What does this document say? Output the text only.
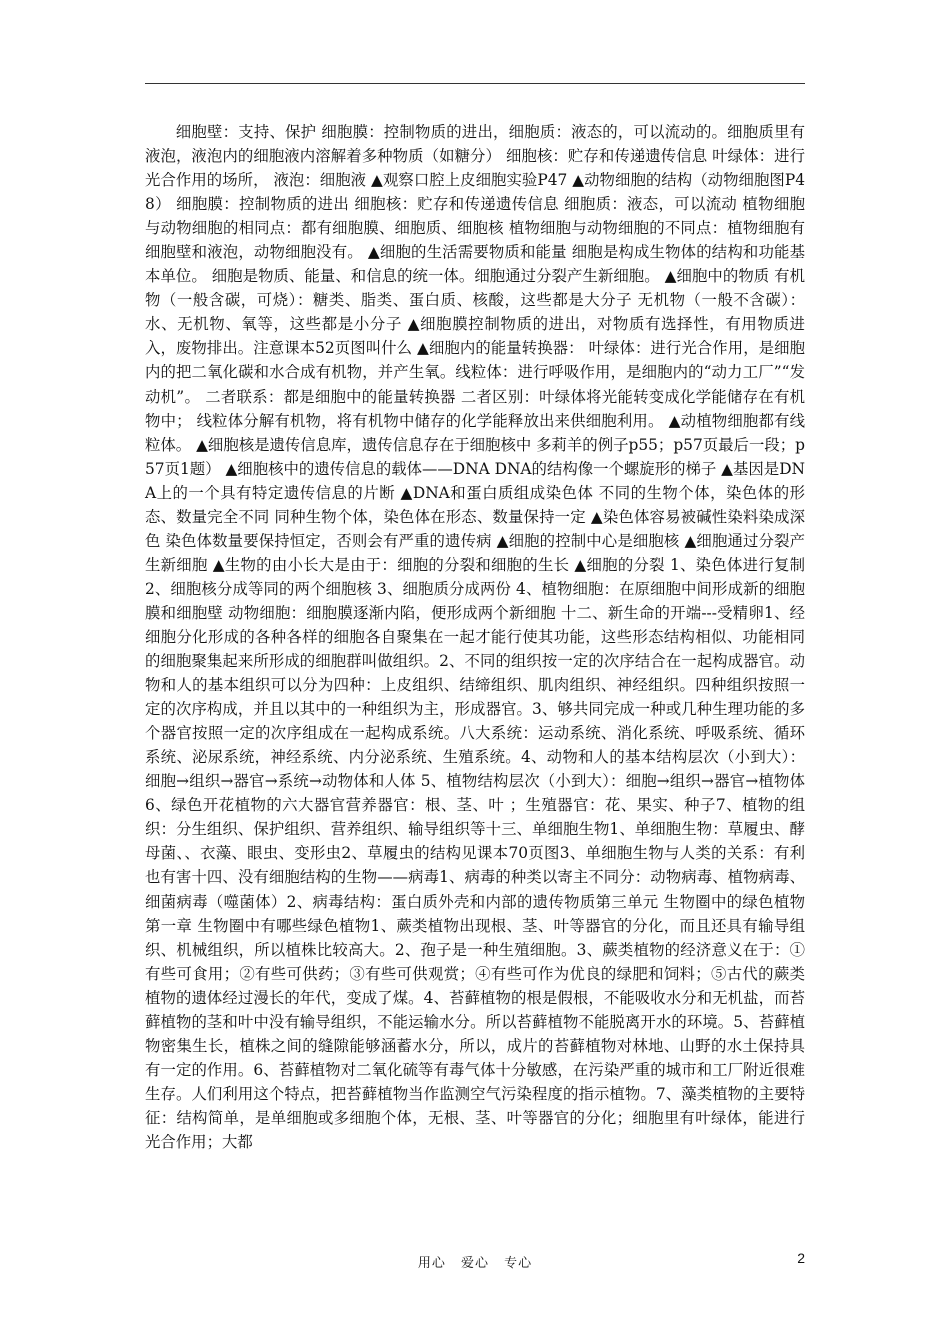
细胞壁：支持、保护 细胞膜：控制物质的进出，细胞质：液态的，可以流动的。细胞质里有液泡，液泡内的细胞液内溶解着多种物质（如糖分） 细胞核：贮存和传递遗传信息 叶绿体：进行光合作用的场所， 液泡：细胞液 ▲观察口腔上皮细胞实验P47 ▲动物细胞的结构（动物细胞图P48） 细胞膜：控制物质的进出 细胞核：贮存和传递遗传信息 细胞质：液态，可以流动 植物细胞与动物细胞的相同点：都有细胞膜、细胞质、细胞核 植物细胞与动物细胞的不同点：植物细胞有细胞壁和液泡，动物细胞没有。 ▲细胞的生活需要物质和能量 细胞是构成生物体的结构和功能基本单位。 细胞是物质、能量、和信息的统一体。细胞通过分裂产生新细胞。 ▲细胞中的物质 有机物（一般含碳，可烧）：糖类、脂类、蛋白质、核酸，这些都是大分子 无机物（一般不含碳）：水、无机物、氧等，这些都是小分子 ▲细胞膜控制物质的进出，对物质有选择性，有用物质进入，废物排出。注意课本52页图叫什么 ▲细胞内的能量转换器： 叶绿体：进行光合作用，是细胞内的把二氧化碳和水合成有机物，并产生氧。线粒体：进行呼吸作用，是细胞内的“动力工厂”“发动机”。 二者联系：都是细胞中的能量转换器 二者区别：叶绿体将光能转变成化学能储存在有机物中； 线粒体分解有机物，将有机物中储存的化学能释放出来供细胞利用。 ▲动植物细胞都有线粒体。 ▲细胞核是遗传信息库，遗传信息存在于细胞核中 多莉羊的例子p55；p57页最后一段；p57页1题） ▲细胞核中的遗传信息的载体——DNA DNA的结构像一个螺旋形的梯子 ▲基因是DNA上的一个具有特定遗传信息的片断 ▲DNA和蛋白质组成染色体 不同的生物个体，染色体的形态、数量完全不同 同种生物个体，染色体在形态、数量保持一定 ▲染色体容易被碱性染料染成深色 染色体数量要保持恒定，否则会有严重的遗传病 ▲细胞的控制中心是细胞核 ▲细胞通过分裂产生新细胞 ▲生物的由小长大是由于：细胞的分裂和细胞的生长 ▲细胞的分裂 1、染色体进行复制 2、细胞核分成等同的两个细胞核 3、细胞质分成两份 4、植物细胞：在原细胞中间形成新的细胞膜和细胞壁 动物细胞：细胞膜逐渐内陷，便形成两个新细胞 十二、新生命的开端---受精卵1、经细胞分化形成的各种各样的细胞各自聚集在一起才能行使其功能，这些形态结构相似、功能相同的细胞聚集起来所形成的细胞群叫做组织。2、不同的组织按一定的次序结合在一起构成器官。动物和人的基本组织可以分为四种：上皮组织、结缔组织、肌肉组织、神经组织。四种组织按照一定的次序构成，并且以其中的一种组织为主，形成器官。3、够共同完成一种或几种生理功能的多个器官按照一定的次序组成在一起构成系统。八大系统：运动系统、消化系统、呼吸系统、循环系统、泌尿系统，神经系统、内分泌系统、生殖系统。4、动物和人的基本结构层次（小到大）：细胞→组织→器官→系统→动物体和人体 5、植物结构层次（小到大）：细胞→组织→器官→植物体 6、绿色开花植物的六大器官营养器官：根、茎、叶 ；生殖器官：花、果实、种子7、植物的组织：分生组织、保护组织、营养组织、输导组织等十三、单细胞生物1、单细胞生物：草履虫、酵母菌、、衣藻、眼虫、变形虫2、草履虫的结构见课本70页图3、单细胞生物与人类的关系：有利也有害十四、没有细胞结构的生物——病毒1、病毒的种类以寄主不同分：动物病毒、植物病毒、细菌病毒（噬菌体）2、病毒结构：蛋白质外壳和内部的遗传物质第三单元 生物圈中的绿色植物第一章 生物圈中有哪些绿色植物1、蕨类植物出现根、茎、叶等器官的分化，而且还具有输导组织、机械组织，所以植株比较高大。2、孢子是一种生殖细胞。3、蕨类植物的经济意义在于：①有些可食用；②有些可供药；③有些可供观赏；④有些可作为优良的绿肥和饲料；⑤古代的蕨类植物的遗体经过漫长的年代，变成了煤。4、苔藓植物的根是假根，不能吸收水分和无机盐，而苔藓植物的茎和叶中没有输导组织，不能运输水分。所以苔藓植物不能脱离开水的环境。5、苔藓植物密集生长，植株之间的缝隙能够涵蓄水分，所以，成片的苔藓植物对林地、山野的水土保持具有一定的作用。6、苔藓植物对二氧化硫等有毒气体十分敏感，在污染严重的城市和工厂附近很难生存。人们利用这个特点，把苔藓植物当作监测空气污染程度的指示植物。7、藻类植物的主要特征：结构简单，是单细胞或多细胞个体，无根、茎、叶等器官的分化；细胞里有叶绿体，能进行光合作用；大都

用心 爱心 专心	2
